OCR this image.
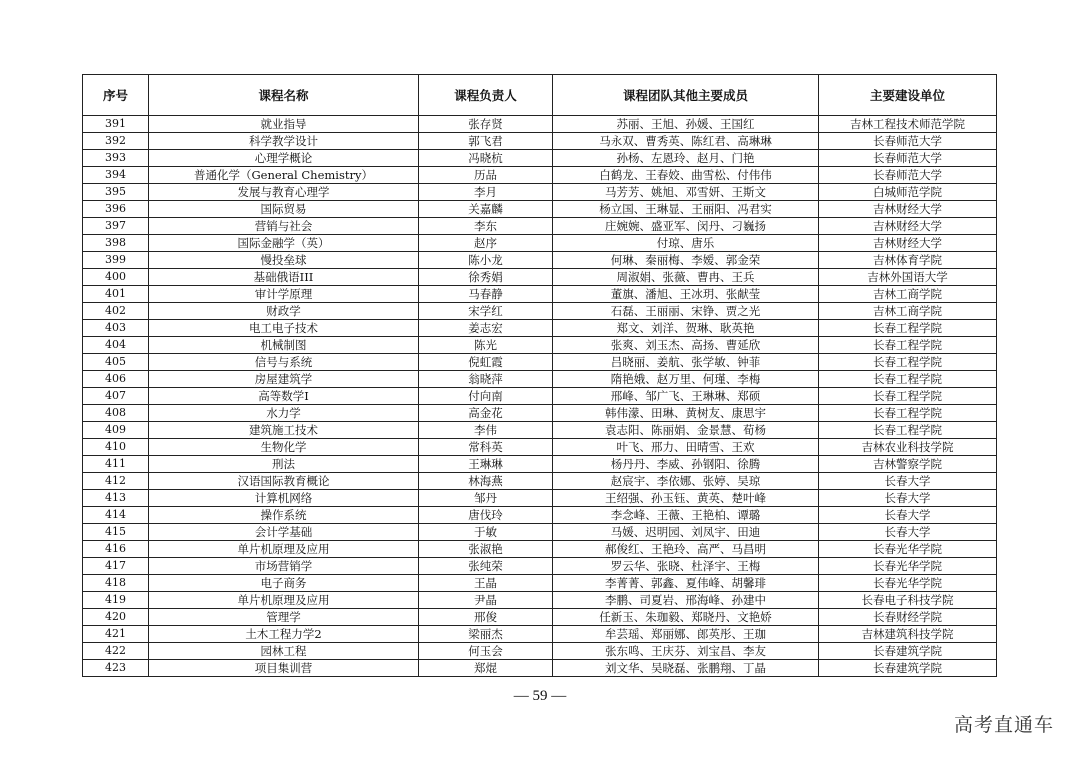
序号	课程名称	课程负责人	课程团队其他主要成员	主要建设单位
391	就业指导	张存贤	苏丽、王旭、孙媛、王国红	吉林工程技术师范学院
392	科学教学设计	郭飞君	马永双、曹秀英、陈红君、高琳琳	长春师范大学
393	心理学概论	冯晓杭	孙杨、左恩玲、赵月、门艳	长春师范大学
394	普通化学（General Chemistry）	历品	白鹤龙、王春姣、曲雪松、付伟伟	长春师范大学
395	发展与教育心理学	李月	马芳芳、姚旭、邓雪妍、王斯文	白城师范学院
396	国际贸易	关嘉麟	杨立国、王琳显、王丽阳、冯君实	吉林财经大学
397	营销与社会	李东	庄婉婉、盛亚军、闵丹、刁巍扬	吉林财经大学
398	国际金融学（英）	赵序	付琼、唐乐	吉林财经大学
399	慢投垒球	陈小龙	何琳、秦丽梅、李嫒、郭金荣	吉林体育学院
400	基础俄语III	徐秀娟	周淑娟、张薇、曹冉、王兵	吉林外国语大学
401	审计学原理	马春静	董旗、潘旭、王冰玥、张献莹	吉林工商学院
402	财政学	宋学红	石磊、王丽丽、宋铮、贾之光	吉林工商学院
403	电工电子技术	姜志宏	郑文、刘洋、贺琳、耿英艳	长春工程学院
404	机械制图	陈光	张爽、刘玉杰、高扬、曹延欣	长春工程学院
405	信号与系统	倪虹霞	吕晓丽、姜航、张学敏、钟菲	长春工程学院
406	房屋建筑学	翁晓萍	隋艳娥、赵万里、何瑾、李梅	长春工程学院
407	高等数学Ⅰ	付向南	邢峰、邹广飞、王琳琳、郑硕	长春工程学院
408	水力学	高金花	韩伟濛、田琳、黄树友、康思宇	长春工程学院
409	建筑施工技术	李伟	袁志阳、陈丽娟、金景慧、荀杨	长春工程学院
410	生物化学	常科英	叶飞、邢力、田晴雪、王欢	吉林农业科技学院
411	刑法	王琳琳	杨丹丹、李威、孙钢阳、徐腾	吉林警察学院
412	汉语国际教育概论	林海燕	赵宸宇、李依娜、张婷、吴琼	长春大学
413	计算机网络	邹丹	王绍强、孙玉钰、黄英、楚叶峰	长春大学
414	操作系统	唐伐玲	李念峰、王薇、王艳柏、谭璐	长春大学
415	会计学基础	于敏	马媛、迟明园、刘凤宇、田迪	长春大学
416	单片机原理及应用	张淑艳	郝俊红、王艳玲、高严、马昌明	长春光华学院
417	市场营销学	张纯荣	罗云华、张晓、杜泽宇、王梅	长春光华学院
418	电子商务	王晶	李菁菁、郭鑫、夏伟峰、胡馨琲	长春光华学院
419	单片机原理及应用	尹晶	李鹏、司夏岩、邢海峰、孙建中	长春电子科技学院
420	管理学	邢俊	任新玉、朱珈毅、郑晓丹、文艳娇	长春财经学院
421	土木工程力学2	梁丽杰	牟芸瑶、郑丽娜、郎英彤、王珈	吉林建筑科技学院
422	园林工程	何玉会	张东鸣、王庆芬、刘宝昌、李友	长春建筑学院
423	项目集训营	郑焜	刘文华、吴晓磊、张鹏翔、丁晶	长春建筑学院
— 59 —
高考直通车
